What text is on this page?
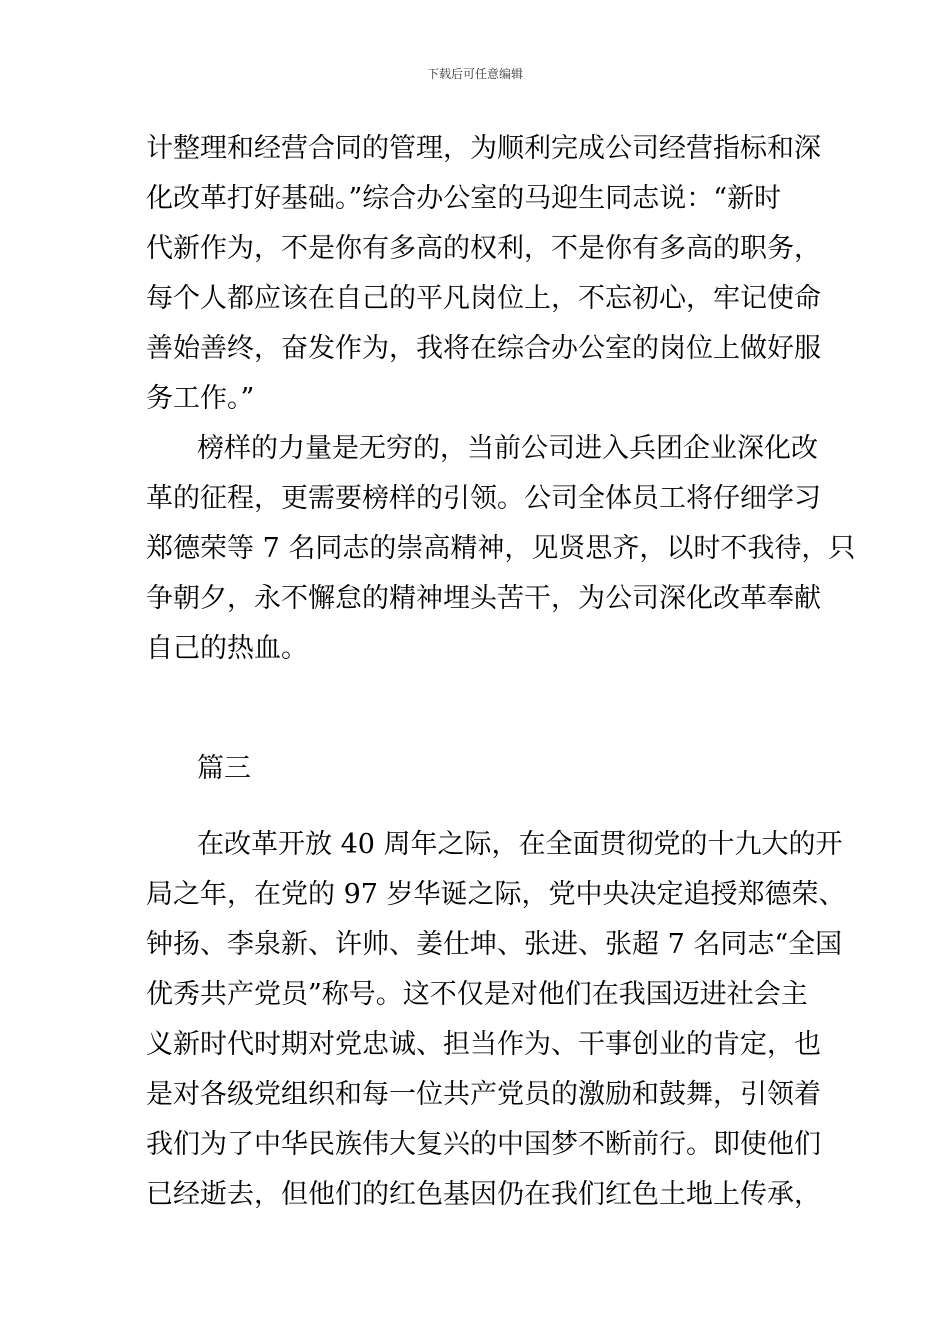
下载后可任意编辑
计整理和经营合同的管理，为顺利完成公司经营指标和深
化改革打好基础。”综合办公室的马迎生同志说：“新时
代新作为，不是你有多高的权利，不是你有多高的职务，
每个人都应该在自己的平凡岗位上，不忘初心，牢记使命
善始善终，奋发作为，我将在综合办公室的岗位上做好服
务工作。”
榜样的力量是无穷的，当前公司进入兵团企业深化改
革的征程，更需要榜样的引领。公司全体员工将仔细学习
郑德荣等 7 名同志的崇高精神，见贤思齐，以时不我待，只
争朝夕，永不懈怠的精神埋头苦干，为公司深化改革奉献
自己的热血。
篇三
在改革开放 40 周年之际，在全面贯彻党的十九大的开
局之年，在党的 97 岁华诞之际，党中央决定追授郑德荣、
钟扬、李泉新、许帅、姜仕坤、张进、张超 7 名同志“全国
优秀共产党员”称号。这不仅是对他们在我国迈进社会主
义新时代时期对党忠诚、担当作为、干事创业的肯定，也
是对各级党组织和每一位共产党员的激励和鼓舞，引领着
我们为了中华民族伟大复兴的中国梦不断前行。即使他们
已经逝去，但他们的红色基因仍在我们红色土地上传承，
